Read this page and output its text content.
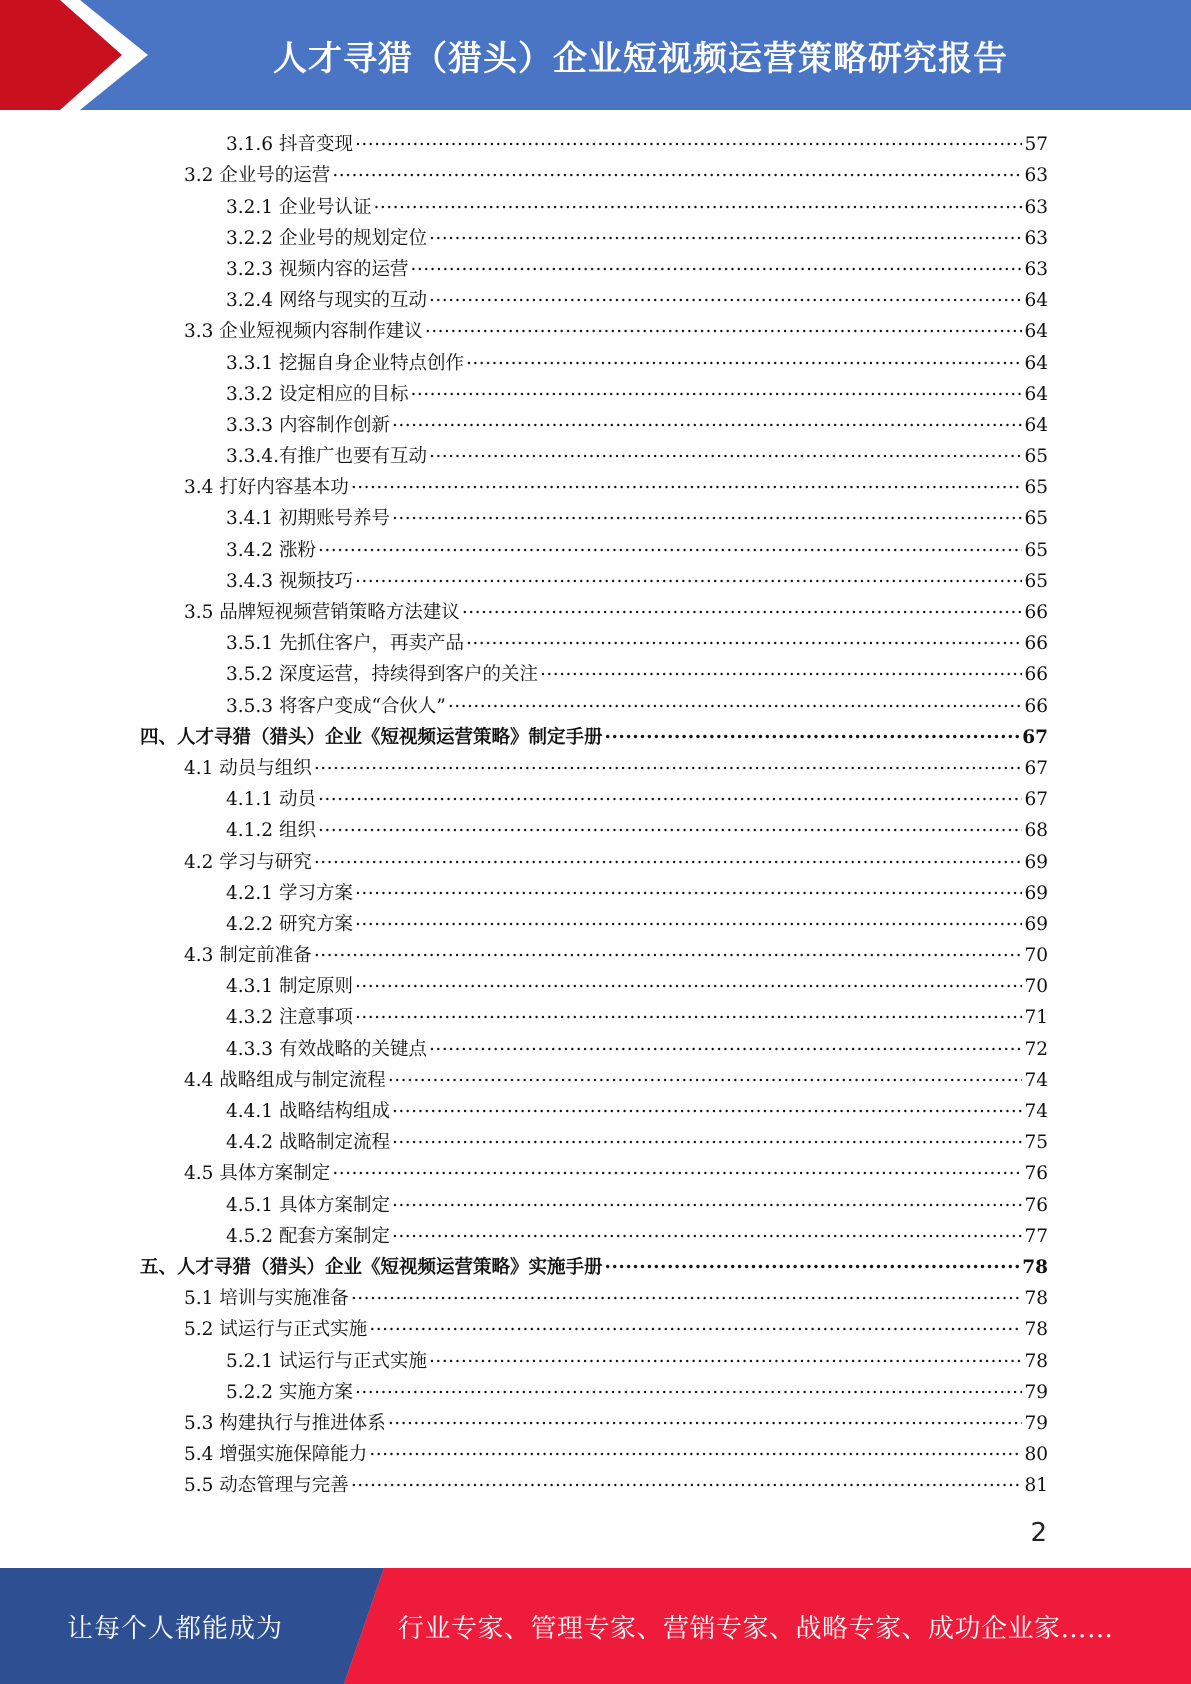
人才寻猎（猎头）企业短视频运营策略研究报告
3.1.6 抖音变现 .....	57
3.2 企业号的运营 .....	63
3.2.1 企业号认证 .....	63
3.2.2 企业号的规划定位 .....	63
3.2.3 视频内容的运营 .....	63
3.2.4 网络与现实的互动 .....	64
3.3 企业短视频内容制作建议 .....	64
3.3.1 挖掘自身企业特点创作 .....	64
3.3.2 设定相应的目标 .....	64
3.3.3 内容制作创新 .....	64
3.3.4.有推广也要有互动 .....	65
3.4 打好内容基本功 .....	65
3.4.1 初期账号养号 .....	65
3.4.2 涨粉 .....	65
3.4.3 视频技巧 .....	65
3.5 品牌短视频营销策略方法建议 .....	66
3.5.1 先抓住客户，再卖产品 .....	66
3.5.2 深度运营，持续得到客户的关注 .....	66
3.5.3 将客户变成“合伙人” .....	66
四、人才寻猎（猎头）企业《短视频运营策略》制定手册 .....	67
4.1 动员与组织 .....	67
4.1.1 动员 .....	67
4.1.2 组织 .....	68
4.2 学习与研究 .....	69
4.2.1 学习方案 .....	69
4.2.2 研究方案 .....	69
4.3 制定前准备 .....	70
4.3.1 制定原则 .....	70
4.3.2 注意事项 .....	71
4.3.3 有效战略的关键点 .....	72
4.4 战略组成与制定流程 .....	74
4.4.1 战略结构组成 .....	74
4.4.2 战略制定流程 .....	75
4.5 具体方案制定 .....	76
4.5.1 具体方案制定 .....	76
4.5.2 配套方案制定 .....	77
五、人才寻猎（猎头）企业《短视频运营策略》实施手册 .....	78
5.1 培训与实施准备 .....	78
5.2 试运行与正式实施 .....	78
5.2.1 试运行与正式实施 .....	78
5.2.2 实施方案 .....	79
5.3 构建执行与推进体系 .....	79
5.4 增强实施保障能力 .....	80
5.5 动态管理与完善 .....	81
2
让每个人都能成为	行业专家、管理专家、营销专家、战略专家、成功企业家……
